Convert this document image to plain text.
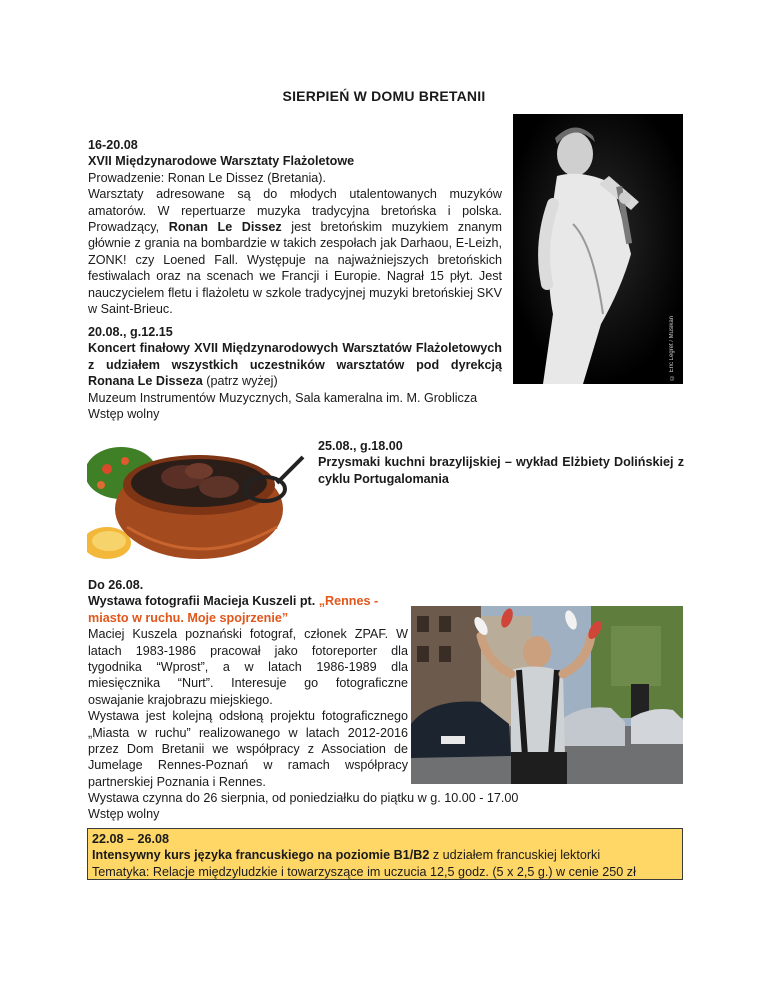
SIERPIEŃ W DOMU BRETANII

16-20.08

XVII Międzynarodowe Warsztaty Flażoletowe

Prowadzenie: Ronan Le Dissez (Bretania).

Warsztaty adresowane są do młodych utalentowanych muzyków amatorów. W repertuarze muzyka tradycyjna bretońska i polska. Prowadzący, Ronan Le Dissez jest bretońskim muzykiem znanym głównie z grania na bombardzie w takich zespołach jak Darhaou, E-Leizh, ZONK! czy Loened Fall. Występuje na najważniejszych bretońskich festiwalach oraz na scenach we Francji i Europie. Nagrał 15 płyt. Jest nauczycielem fletu i flażoletu w szkole tradycyjnej muzyki bretońskiej SKV w Saint-Brieuc.

20.08., g.12.15

Koncert finałowy XVII Międzynarodowych Warsztatów Flażoletowych z udziałem wszystkich uczestników warsztatów pod dyrekcją Ronana Le Disseza (patrz wyżej)

Muzeum Instrumentów Muzycznych, Sala kameralna im. M. Groblicza

Wstęp wolny

© Eric Legret / Musikan

25.08., g.18.00

Przysmaki kuchni brazylijskiej – wykład Elżbiety Dolińskiej z cyklu Portugalomania

Do 26.08.

Wystawa fotografii Macieja Kuszeli pt. „Rennes - miasto w ruchu. Moje spojrzenie”

Maciej Kuszela poznański fotograf, członek ZPAF. W latach 1983-1986 pracował jako fotoreporter dla tygodnika “Wprost”, a w latach 1986-1989 dla miesięcznika “Nurt”. Interesuje go fotograficzne oswajanie krajobrazu miejskiego.

Wystawa jest kolejną odsłoną projektu fotograficznego „Miasta w ruchu” realizowanego w latach 2012-2016 przez Dom Bretanii we współpracy z Association de Jumelage Rennes-Poznań w ramach współpracy partnerskiej Poznania i Rennes.

Wystawa czynna do 26 sierpnia, od poniedziałku do piątku w g. 10.00 - 17.00

Wstęp wolny

22.08 – 26.08

Intensywny kurs języka francuskiego na poziomie B1/B2 z udziałem francuskiej lektorki

Tematyka: Relacje międzyludzkie i towarzyszące im uczucia 12,5 godz. (5 x 2,5 g.) w cenie 250 zł
